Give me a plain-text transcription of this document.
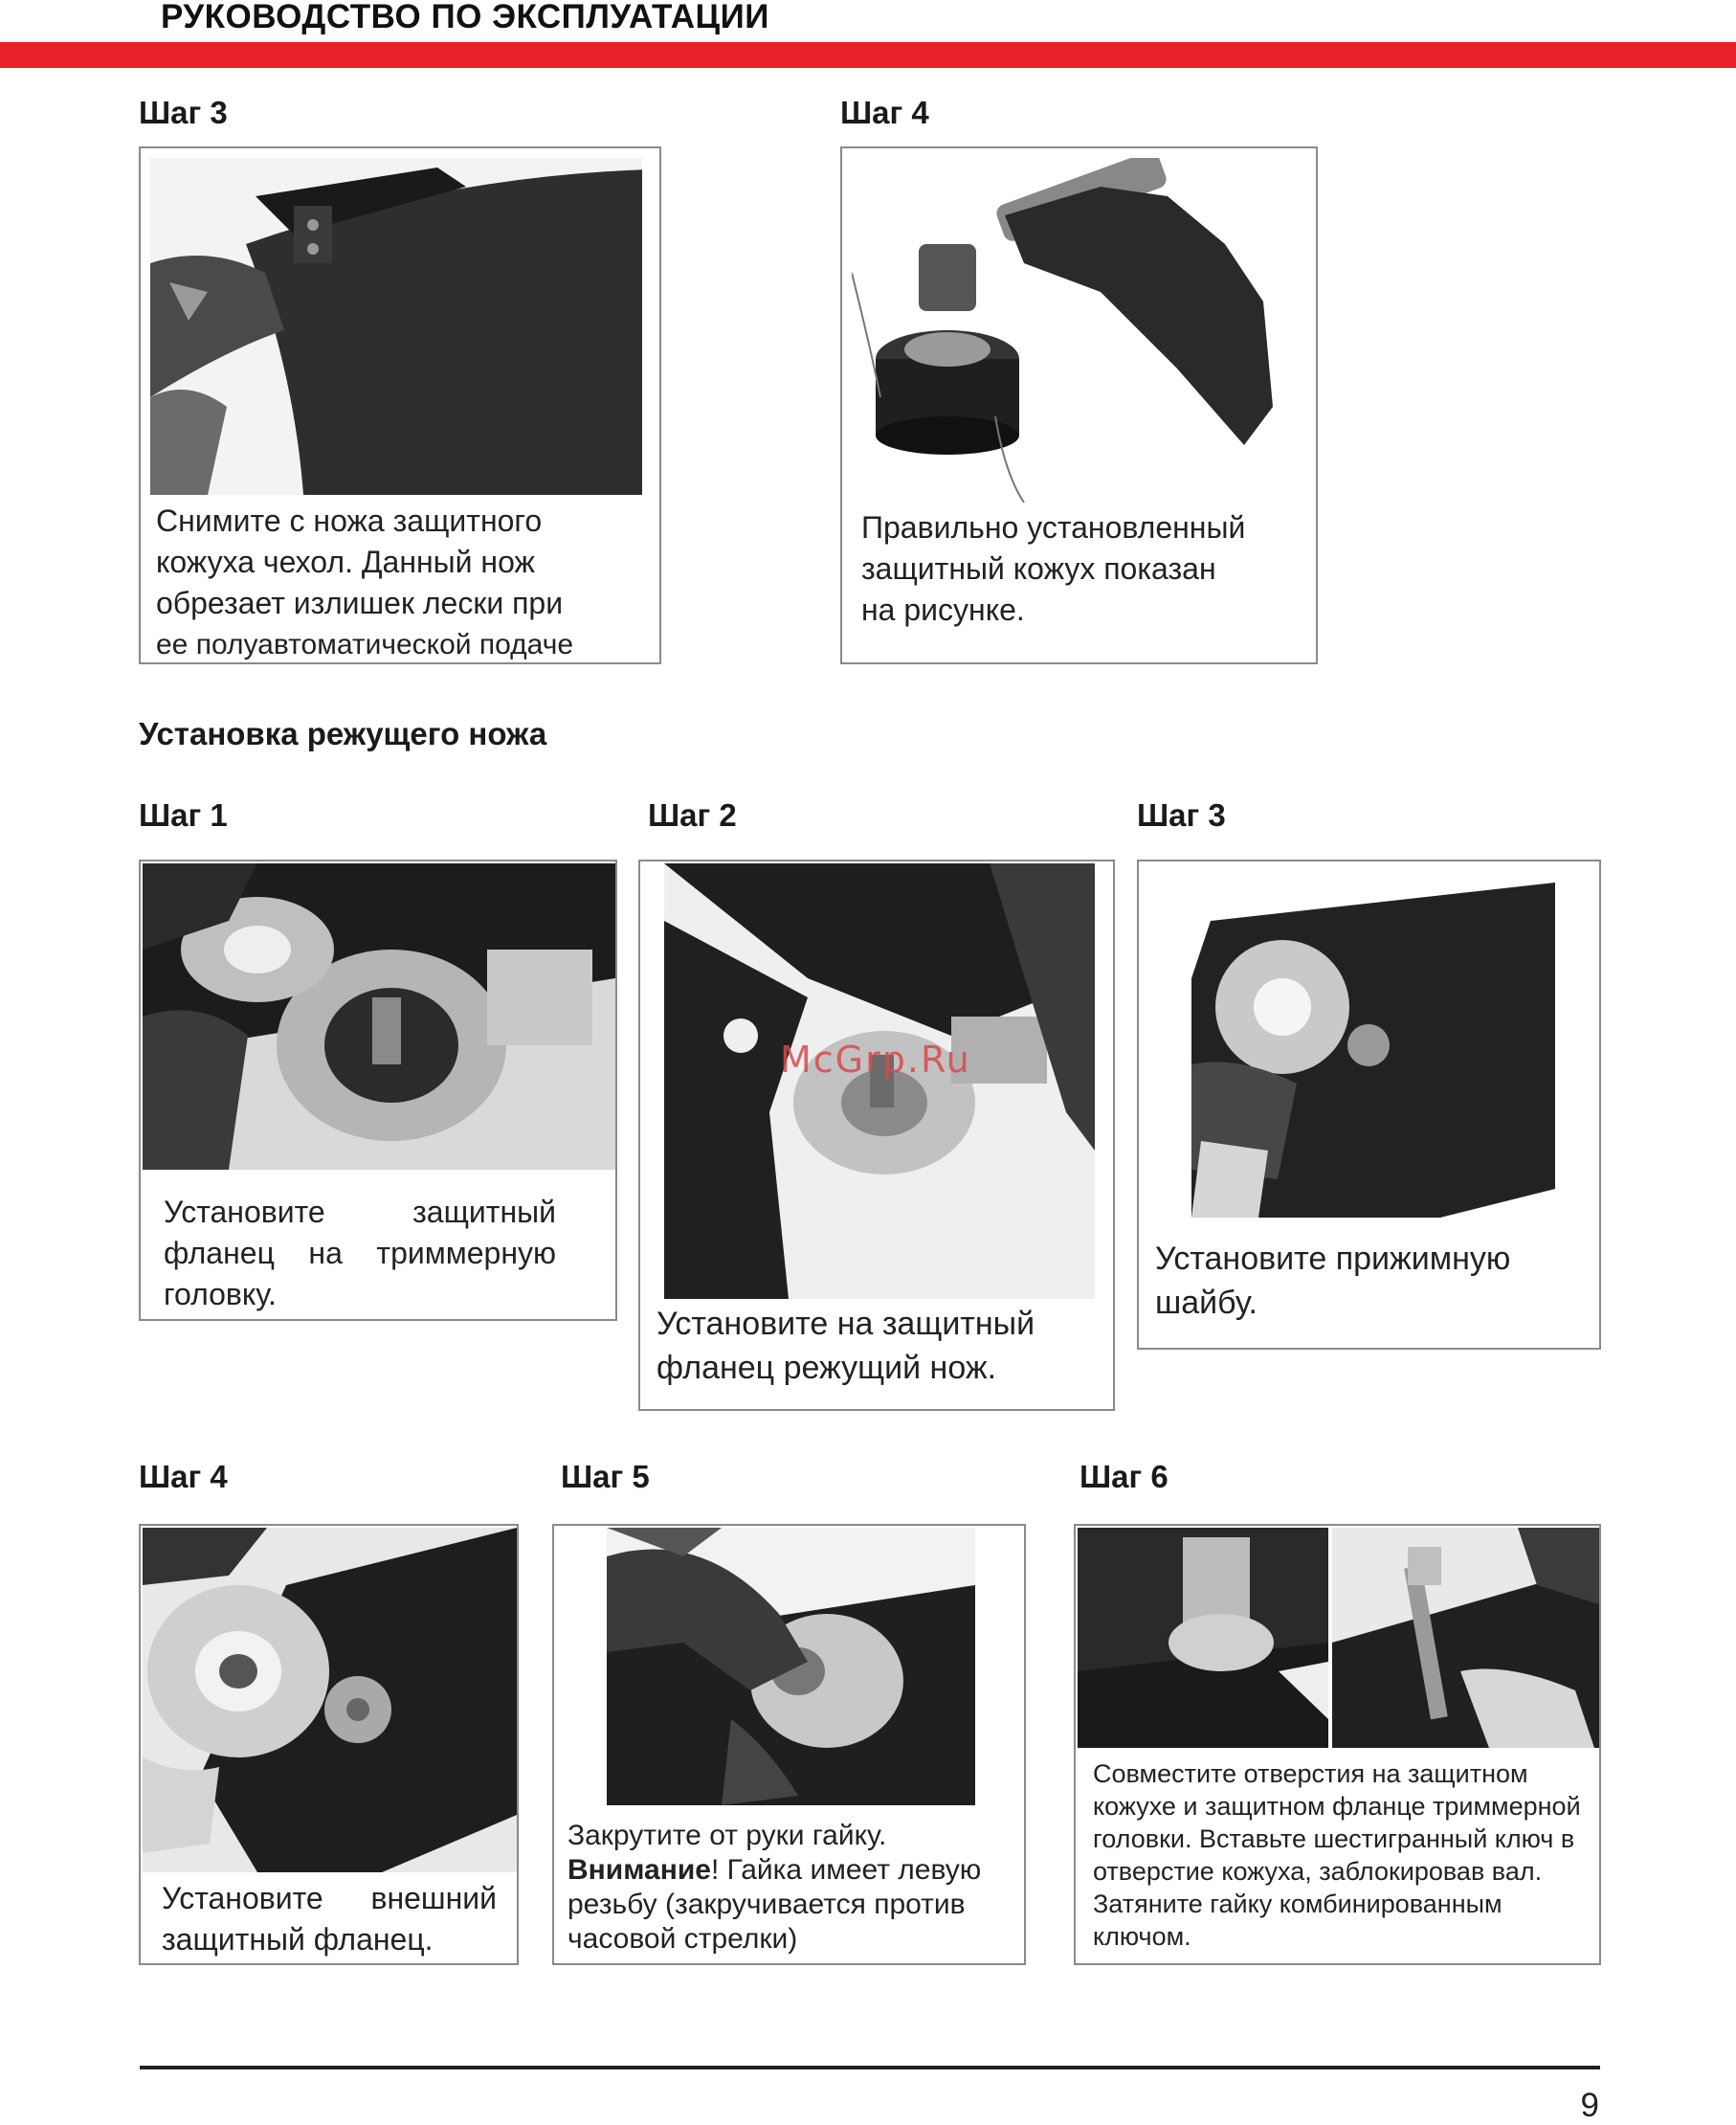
РУКОВОДСТВО ПО ЭКСПЛУАТАЦИИ
Шаг 3	Шаг 4
Снимите с ножа защитного
кожуха чехол. Данный нож
обрезает излишек лески при
ее полуавтоматической подаче
Правильно установленный
защитный кожух показан
на рисунке.
Установка режущего ножа
Шаг 1	Шаг 2	Шаг 3
Установите защитный
фланец на триммерную
головку.
Установите на защитный
фланец режущий нож.
McGrp.Ru
Установите прижимную
шайбу.
Шаг 4	Шаг 5	Шаг 6
Установите внешний
защитный фланец.
Закрутите от руки гайку.
Внимание! Гайка имеет левую резьбу (закручивается против часовой стрелки)
Совместите отверстия на защитном кожухе и защитном фланце триммерной головки. Вставьте шестигранный ключ в отверстие кожуха, заблокировав вал. Затяните гайку комбинированным ключом.
9
